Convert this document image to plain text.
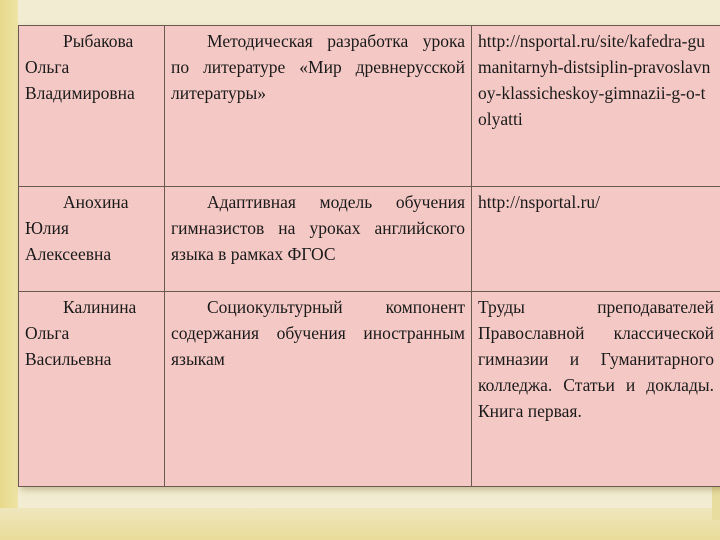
Рыбакова
Ольга
Владимировна	Методическая разработка урока по литературе «Мир древнерусской литературы»	http://nsportal.ru/site/kafedra-gumanitarnyh-distsiplin-pravoslavnoy-klassicheskoy-gimnazii-g-o-tolyatti

Анохина
Юлия
Алексеевна	Адаптивная модель обучения гимназистов на уроках английского языка в рамках ФГОС	http://nsportal.ru/

Калинина
Ольга
Васильевна	Социокультурный компонент содержания обучения иностранным языкам	Труды преподавателей Православной классической гимназии и Гуманитарного колледжа. Статьи и доклады. Книга первая.
